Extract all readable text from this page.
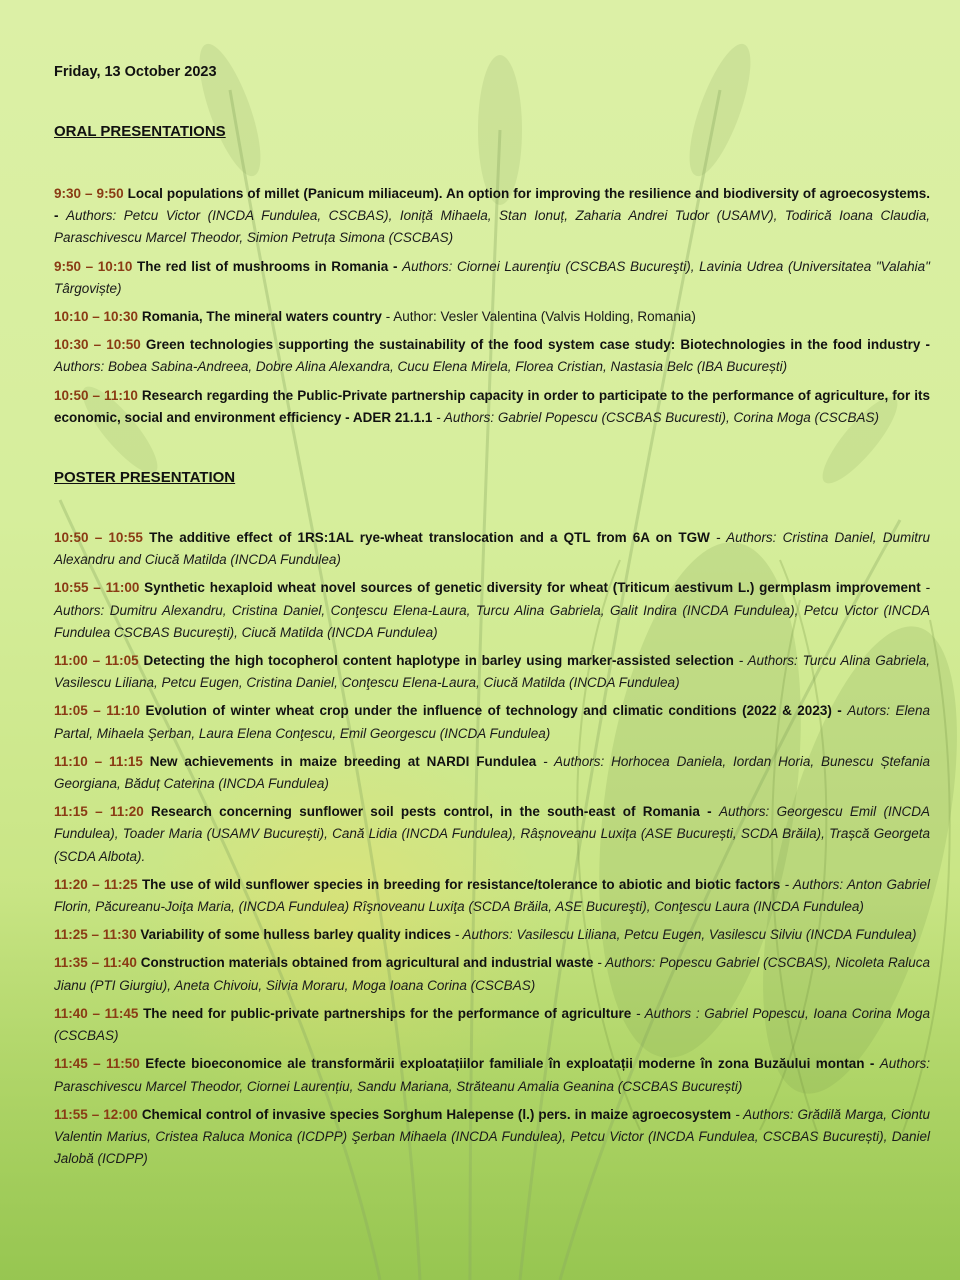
Friday, 13 October 2023
ORAL PRESENTATIONS
9:30 – 9:50 Local populations of millet (Panicum miliaceum). An option for improving the resilience and biodiversity of agroecosystems. - Authors: Petcu Victor (INCDA Fundulea, CSCBAS), Ioniță Mihaela, Stan Ionuț, Zaharia Andrei Tudor (USAMV), Todirică Ioana Claudia, Paraschivescu Marcel Theodor, Simion Petruța Simona (CSCBAS)
9:50 – 10:10 The red list of mushrooms in Romania - Authors: Ciornei Laurenţiu (CSCBAS Bucureşti), Lavinia Udrea (Universitatea "Valahia" Târgoviște)
10:10 – 10:30 Romania, The mineral waters country - Author: Vesler Valentina (Valvis Holding, Romania)
10:30 – 10:50 Green technologies supporting the sustainability of the food system case study: Biotechnologies in the food industry - Authors: Bobea Sabina-Andreea, Dobre Alina Alexandra, Cucu Elena Mirela, Florea Cristian, Nastasia Belc (IBA București)
10:50 – 11:10 Research regarding the Public-Private partnership capacity in order to participate to the performance of agriculture, for its economic, social and environment efficiency - ADER 21.1.1 - Authors: Gabriel Popescu (CSCBAS Bucuresti), Corina Moga (CSCBAS)
POSTER PRESENTATION
10:50 – 10:55 The additive effect of 1RS:1AL rye-wheat translocation and a QTL from 6A on TGW - Authors: Cristina Daniel, Dumitru Alexandru and Ciucă Matilda (INCDA Fundulea)
10:55 – 11:00 Synthetic hexaploid wheat novel sources of genetic diversity for wheat (Triticum aestivum L.) germplasm improvement - Authors: Dumitru Alexandru, Cristina Daniel, Conţescu Elena-Laura, Turcu Alina Gabriela, Galit Indira (INCDA Fundulea), Petcu Victor (INCDA Fundulea CSCBAS București), Ciucă Matilda (INCDA Fundulea)
11:00 – 11:05 Detecting the high tocopherol content haplotype in barley using marker-assisted selection - Authors: Turcu Alina Gabriela, Vasilescu Liliana, Petcu Eugen, Cristina Daniel, Conţescu Elena-Laura, Ciucă Matilda (INCDA Fundulea)
11:05 – 11:10 Evolution of winter wheat crop under the influence of technology and climatic conditions (2022 & 2023) - Autors: Elena Partal, Mihaela Şerban, Laura Elena Conţescu, Emil Georgescu (INCDA Fundulea)
11:10 – 11:15 New achievements in maize breeding at NARDI Fundulea - Authors: Horhocea Daniela, Iordan Horia, Bunescu Ștefania Georgiana, Băduț Caterina (INCDA Fundulea)
11:15 – 11:20 Research concerning sunflower soil pests control, in the south-east of Romania - Authors: Georgescu Emil (INCDA Fundulea), Toader Maria (USAMV București), Cană Lidia (INCDA Fundulea), Râșnoveanu Luxița (ASE București, SCDA Brăila), Trașcă Georgeta (SCDA Albota).
11:20 – 11:25 The use of wild sunflower species in breeding for resistance/tolerance to abiotic and biotic factors - Authors: Anton Gabriel Florin, Păcureanu-Joiţa Maria, (INCDA Fundulea) Rîşnoveanu Luxiţa (SCDA Brăila, ASE Bucureşti), Conţescu Laura (INCDA Fundulea)
11:25 – 11:30 Variability of some hulless barley quality indices - Authors: Vasilescu Liliana, Petcu Eugen, Vasilescu Silviu (INCDA Fundulea)
11:35 – 11:40 Construction materials obtained from agricultural and industrial waste - Authors: Popescu Gabriel (CSCBAS), Nicoleta Raluca Jianu (PTI Giurgiu), Aneta Chivoiu, Silvia Moraru, Moga Ioana Corina (CSCBAS)
11:40 – 11:45 The need for public-private partnerships for the performance of agriculture - Authors : Gabriel Popescu, Ioana Corina Moga (CSCBAS)
11:45 – 11:50 Efecte bioeconomice ale transformării exploatațiilor familiale în exploatații moderne în zona Buzăului montan - Authors: Paraschivescu Marcel Theodor, Ciornei Laurențiu, Sandu Mariana, Străteanu Amalia Geanina (CSCBAS București)
11:55 – 12:00 Chemical control of invasive species Sorghum Halepense (l.) pers. in maize agroecosystem - Authors: Grădilă Marga, Ciontu Valentin Marius, Cristea Raluca Monica (ICDPP) Şerban Mihaela (INCDA Fundulea), Petcu Victor (INCDA Fundulea, CSCBAS București), Daniel Jalobă (ICDPP)
